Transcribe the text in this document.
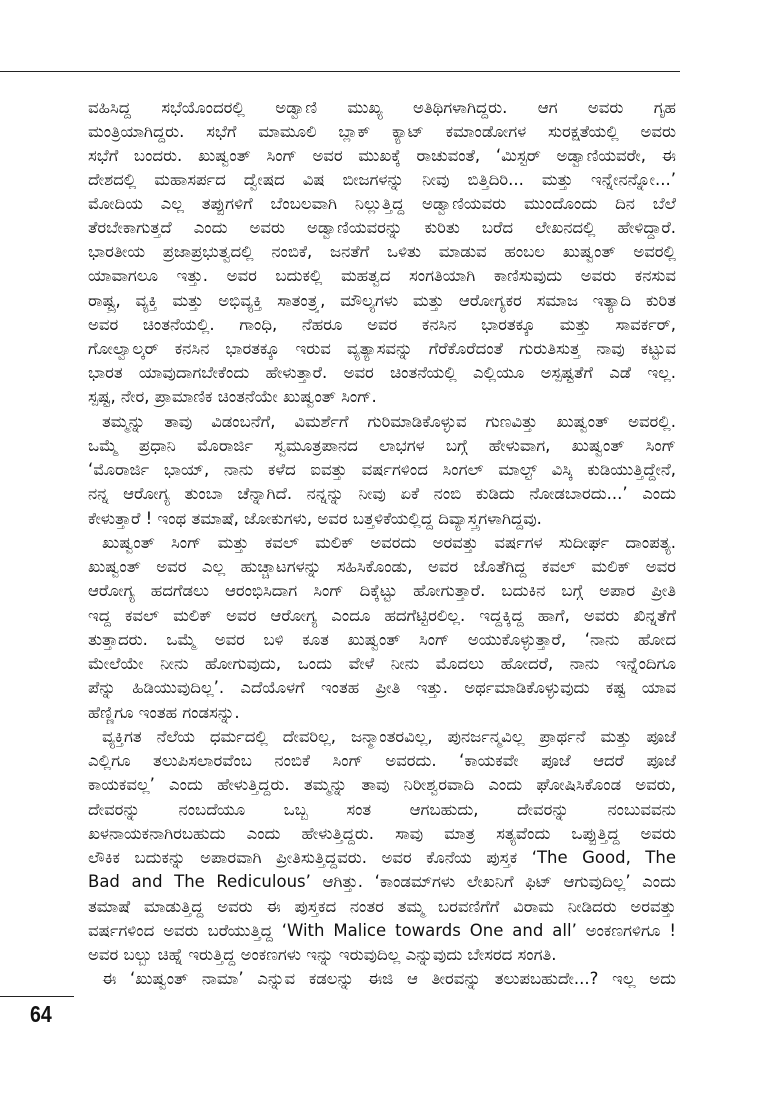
ವಹಿಸಿದ್ದ ಸಭೆಯೊಂದರಲ್ಲಿ ಅಡ್ವಾಣಿ ಮುಖ್ಯ ಅತಿಥಿಗಳಾಗಿದ್ದರು. ಆಗ ಅವರು ಗೃಹ
ಮಂತ್ರಿಯಾಗಿದ್ದರು. ಸಭೆಗೆ ಮಾಮೂಲಿ ಬ್ಲಾಕ್ ಕ್ಯಾಟ್ ಕಮಾಂಡೋಗಳ ಸುರಕ್ಷತೆಯಲ್ಲಿ ಅವರು
ಸಭೆಗೆ ಬಂದರು. ಖುಷ್ವಂತ್ ಸಿಂಗ್ ಅವರ ಮುಖಕ್ಕೆ ರಾಚುವಂತೆ, ‘ಮಿಸ್ಟರ್ ಅಡ್ವಾಣಿಯವರೇ, ಈ
ದೇಶದಲ್ಲಿ ಮಹಾಸರ್ಪದ ದ್ವೇಷದ ವಿಷ ಬೀಜಗಳನ್ನು ನೀವು ಬಿತ್ತಿದಿರಿ... ಮತ್ತು ಇನ್ನೇನನ್ನೋ...’
ಮೋದಿಯ ಎಲ್ಲ ತಪ್ಪುಗಳಿಗೆ ಬೆಂಬಲವಾಗಿ ನಿಲ್ಲುತ್ತಿದ್ದ ಅಡ್ವಾಣಿಯವರು ಮುಂದೊಂದು ದಿನ ಬೆಲೆ
ತೆರಬೇಕಾಗುತ್ತದೆ ಎಂದು ಅವರು ಅಡ್ವಾಣಿಯವರನ್ನು ಕುರಿತು ಬರೆದ ಲೇಖನದಲ್ಲಿ ಹೇಳಿದ್ದಾರೆ.
ಭಾರತೀಯ ಪ್ರಜಾಪ್ರಭುತ್ವದಲ್ಲಿ ನಂಬಿಕೆ, ಜನತೆಗೆ ಒಳಿತು ಮಾಡುವ ಹಂಬಲ ಖುಷ್ವಂತ್ ಅವರಲ್ಲಿ
ಯಾವಾಗಲೂ ಇತ್ತು. ಅವರ ಬದುಕಲ್ಲಿ ಮಹತ್ವದ ಸಂಗತಿಯಾಗಿ ಕಾಣಿಸುವುದು ಅವರು ಕನಸುವ
ರಾಷ್ಟ್ರ, ವ್ಯಕ್ತಿ ಮತ್ತು ಅಭಿವ್ಯಕ್ತಿ ಸಾತಂತ್ರ್ಯ, ಮೌಲ್ಯಗಳು ಮತ್ತು ಆರೋಗ್ಯಕರ ಸಮಾಜ ಇತ್ಯಾದಿ ಕುರಿತ
ಅವರ ಚಿಂತನೆಯಲ್ಲಿ. ಗಾಂಧಿ, ನೆಹರೂ ಅವರ ಕನಸಿನ ಭಾರತಕ್ಕೂ ಮತ್ತು ಸಾವರ್ಕರ್,
ಗೋಲ್ವಾಲ್ಕರ್ ಕನಸಿನ ಭಾರತಕ್ಕೂ ಇರುವ ವ್ಯತ್ಯಾಸವನ್ನು ಗೆರೆಕೊರೆದಂತೆ ಗುರುತಿಸುತ್ತ ನಾವು ಕಟ್ಟುವ
ಭಾರತ ಯಾವುದಾಗಬೇಕೆಂದು ಹೇಳುತ್ತಾರೆ. ಅವರ ಚಿಂತನೆಯಲ್ಲಿ ಎಲ್ಲಿಯೂ ಅಸ್ಪಷ್ಟತೆಗೆ ಎಡೆ ಇಲ್ಲ.
ಸ್ಪಷ್ಟ, ನೇರ, ಪ್ರಾಮಾಣಿಕ ಚಿಂತನೆಯೇ ಖುಷ್ವಂತ್ ಸಿಂಗ್.
ತಮ್ಮನ್ನು ತಾವು ವಿಡಂಬನೆಗೆ, ವಿಮರ್ಶೆಗೆ ಗುರಿಮಾಡಿಕೊಳ್ಳುವ ಗುಣವಿತ್ತು ಖುಷ್ವಂತ್ ಅವರಲ್ಲಿ.
ಒಮ್ಮೆ ಪ್ರಧಾನಿ ಮೊರಾರ್ಜಿ ಸ್ವಮೂತ್ರಪಾನದ ಲಾಭಗಳ ಬಗ್ಗೆ ಹೇಳುವಾಗ, ಖುಷ್ವಂತ್ ಸಿಂಗ್
‘ಮೊರಾರ್ಜಿ ಭಾಯ್, ನಾನು ಕಳೆದ ಐವತ್ತು ವರ್ಷಗಳಿಂದ ಸಿಂಗಲ್ ಮಾಲ್ಟ್ ವಿಸ್ಕಿ ಕುಡಿಯುತ್ತಿದ್ದೇನೆ,
ನನ್ನ ಆರೋಗ್ಯ ತುಂಬಾ ಚೆನ್ನಾಗಿದೆ. ನನ್ನನ್ನು ನೀವು ಏಕೆ ನಂಬಿ ಕುಡಿದು ನೋಡಬಾರದು...’ ಎಂದು
ಕೇಳುತ್ತಾರೆ ! ಇಂಥ ತಮಾಷೆ, ಜೋಕುಗಳು, ಅವರ ಬತ್ತಳಿಕೆಯಲ್ಲಿದ್ದ ದಿವ್ಯಾಸ್ತ್ರಗಳಾಗಿದ್ದವು.
ಖುಷ್ವಂತ್ ಸಿಂಗ್ ಮತ್ತು ಕವಲ್ ಮಲಿಕ್ ಅವರದು ಅರವತ್ತು ವರ್ಷಗಳ ಸುದೀರ್ಘ ದಾಂಪತ್ಯ.
ಖುಷ್ವಂತ್ ಅವರ ಎಲ್ಲ ಹುಚ್ಚಾಟಗಳನ್ನು ಸಹಿಸಿಕೊಂಡು, ಅವರ ಜೊತೆಗಿದ್ದ ಕವಲ್ ಮಲಿಕ್ ಅವರ
ಆರೋಗ್ಯ ಹದಗೆಡಲು ಆರಂಭಿಸಿದಾಗ ಸಿಂಗ್ ದಿಕ್ಕೆಟ್ಟು ಹೋಗುತ್ತಾರೆ. ಬದುಕಿನ ಬಗ್ಗೆ ಅಪಾರ ಪ್ರೀತಿ
ಇದ್ದ ಕವಲ್ ಮಲಿಕ್ ಅವರ ಆರೋಗ್ಯ ಎಂದೂ ಹದಗೆಟ್ಟಿರಲಿಲ್ಲ. ಇದ್ದಕ್ಕಿದ್ದ ಹಾಗೆ, ಅವರು ಖಿನ್ನತೆಗೆ
ತುತ್ತಾದರು. ಒಮ್ಮೆ ಅವರ ಬಳಿ ಕೂತ ಖುಷ್ವಂತ್ ಸಿಂಗ್ ಅಯುಕೊಳ್ಳುತ್ತಾರೆ, ‘ನಾನು ಹೋದ
ಮೇಲೆಯೇ ನೀನು ಹೋಗುವುದು, ಒಂದು ವೇಳೆ ನೀನು ಮೊದಲು ಹೋದರೆ, ನಾನು ಇನ್ನೆಂದಿಗೂ
ಪೆನ್ನು ಹಿಡಿಯುವುದಿಲ್ಲ’. ಎದೆಯೊಳಗೆ ಇಂತಹ ಪ್ರೀತಿ ಇತ್ತು. ಅರ್ಥಮಾಡಿಕೊಳ್ಳುವುದು ಕಷ್ಟ ಯಾವ
ಹೆಣ್ಣಿಗೂ ಇಂತಹ ಗಂಡಸನ್ನು.
ವ್ಯಕ್ತಿಗತ ನೆಲೆಯ ಧರ್ಮದಲ್ಲಿ ದೇವರಿಲ್ಲ, ಜನ್ಮಾಂತರವಿಲ್ಲ, ಪುನರ್ಜನ್ಮವಿಲ್ಲ ಪ್ರಾರ್ಥನೆ ಮತ್ತು ಪೂಜೆ
ಎಲ್ಲಿಗೂ ತಲುಪಿಸಲಾರವೆಂಬ ನಂಬಿಕೆ ಸಿಂಗ್ ಅವರದು. ‘ಕಾಯಕವೇ ಪೂಜೆ ಆದರೆ ಪೂಜೆ
ಕಾಯಕವಲ್ಲ’ ಎಂದು ಹೇಳುತ್ತಿದ್ದರು. ತಮ್ಮನ್ನು ತಾವು ನಿರೀಶ್ವರವಾದಿ ಎಂದು ಘೋಷಿಸಿಕೊಂಡ ಅವರು,
ದೇವರನ್ನು ನಂಬದೆಯೂ ಒಬ್ಬ ಸಂತ ಆಗಬಹುದು, ದೇವರನ್ನು ನಂಬುವವನು
ಖಳನಾಯಕನಾಗಿರಬಹುದು ಎಂದು ಹೇಳುತ್ತಿದ್ದರು. ಸಾವು ಮಾತ್ರ ಸತ್ಯವೆಂದು ಒಪ್ಪುತ್ತಿದ್ದ ಅವರು
ಲೌಕಿಕ ಬದುಕನ್ನು ಅಪಾರವಾಗಿ ಪ್ರೀತಿಸುತ್ತಿದ್ದವರು. ಅವರ ಕೊನೆಯ ಪುಸ್ತಕ ‘The Good, The
Bad and The Rediculous’ ಆಗಿತ್ತು. ‘ಕಾಂಡಮ್‌ಗಳು ಲೇಖನಿಗೆ ಫಿಟ್ ಆಗುವುದಿಲ್ಲ’ ಎಂದು
ತಮಾಷೆ ಮಾಡುತ್ತಿದ್ದ ಅವರು ಈ ಪುಸ್ತಕದ ನಂತರ ತಮ್ಮ ಬರವಣಿಗೆಗೆ ವಿರಾಮ ನೀಡಿದರು ಅರವತ್ತು
ವರ್ಷಗಳಿಂದ ಅವರು ಬರೆಯುತ್ತಿದ್ದ ‘With Malice towards One and all’ ಅಂಕಣಗಳಿಗೂ !
ಅವರ ಬಲ್ಬು ಚಿಹ್ನೆ ಇರುತ್ತಿದ್ದ ಅಂಕಣಗಳು ಇನ್ನು ಇರುವುದಿಲ್ಲ ಎನ್ನುವುದು ಬೇಸರದ ಸಂಗತಿ.
ಈ ‘ಖುಷ್ವಂತ್ ನಾಮಾ’ ಎನ್ನುವ ಕಡಲನ್ನು ಈಜಿ ಆ ತೀರವನ್ನು ತಲುಪಬಹುದೇ...? ಇಲ್ಲ ಅದು
64
